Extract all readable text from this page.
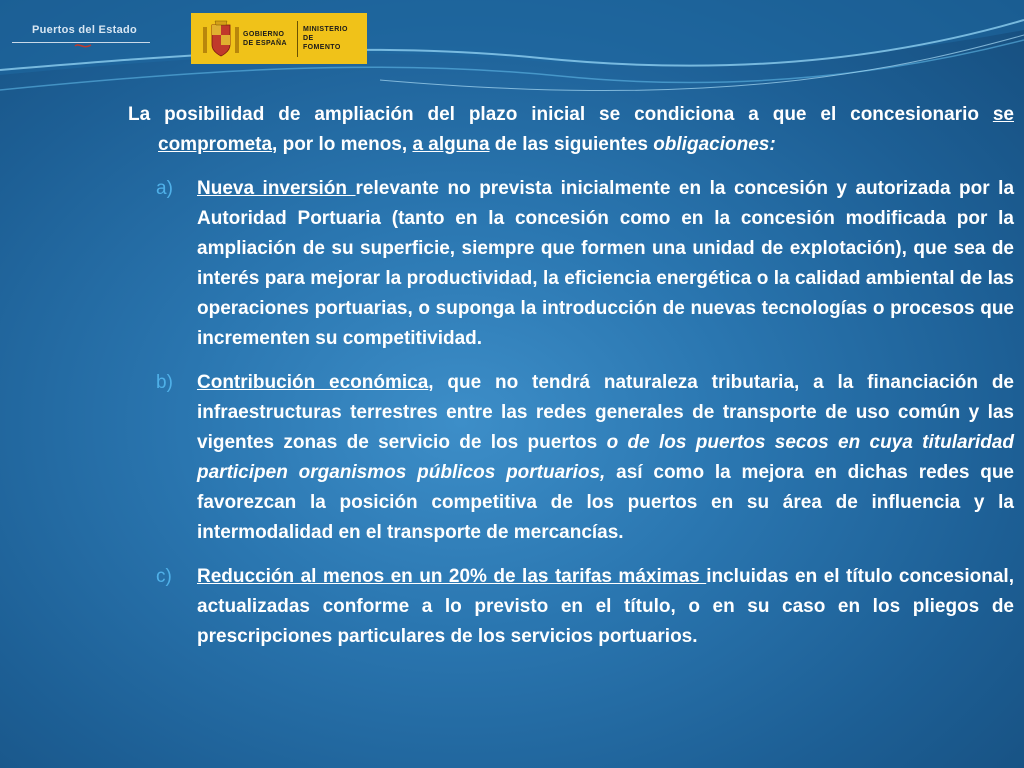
Puertos del Estado	GOBIERNO
DE ESPAÑA
MINISTERIO
DE FOMENTO

La posibilidad de ampliación del plazo inicial se condiciona a que el concesionario se comprometa, por lo menos, a alguna de las siguientes obligaciones:

a) Nueva inversión relevante no prevista inicialmente en la concesión y autorizada por la Autoridad Portuaria (tanto en la concesión como en la concesión modificada por la ampliación de su superficie, siempre que formen una unidad de explotación), que sea de interés para mejorar la productividad, la eficiencia energética o la calidad ambiental de las operaciones portuarias, o suponga la introducción de nuevas tecnologías o procesos que incrementen su competitividad.
b) Contribución económica, que no tendrá naturaleza tributaria, a la financiación de infraestructuras terrestres entre las redes generales de transporte de uso común y las vigentes zonas de servicio de los puertos o de los puertos secos en cuya titularidad participen organismos públicos portuarios, así como la mejora en dichas redes que favorezcan la posición competitiva de los puertos en su área de influencia y la intermodalidad en el transporte de mercancías.
c) Reducción al menos en un 20% de las tarifas máximas incluidas en el título concesional, actualizadas conforme a lo previsto en el título, o en su caso en los pliegos de prescripciones particulares de los servicios portuarios.
